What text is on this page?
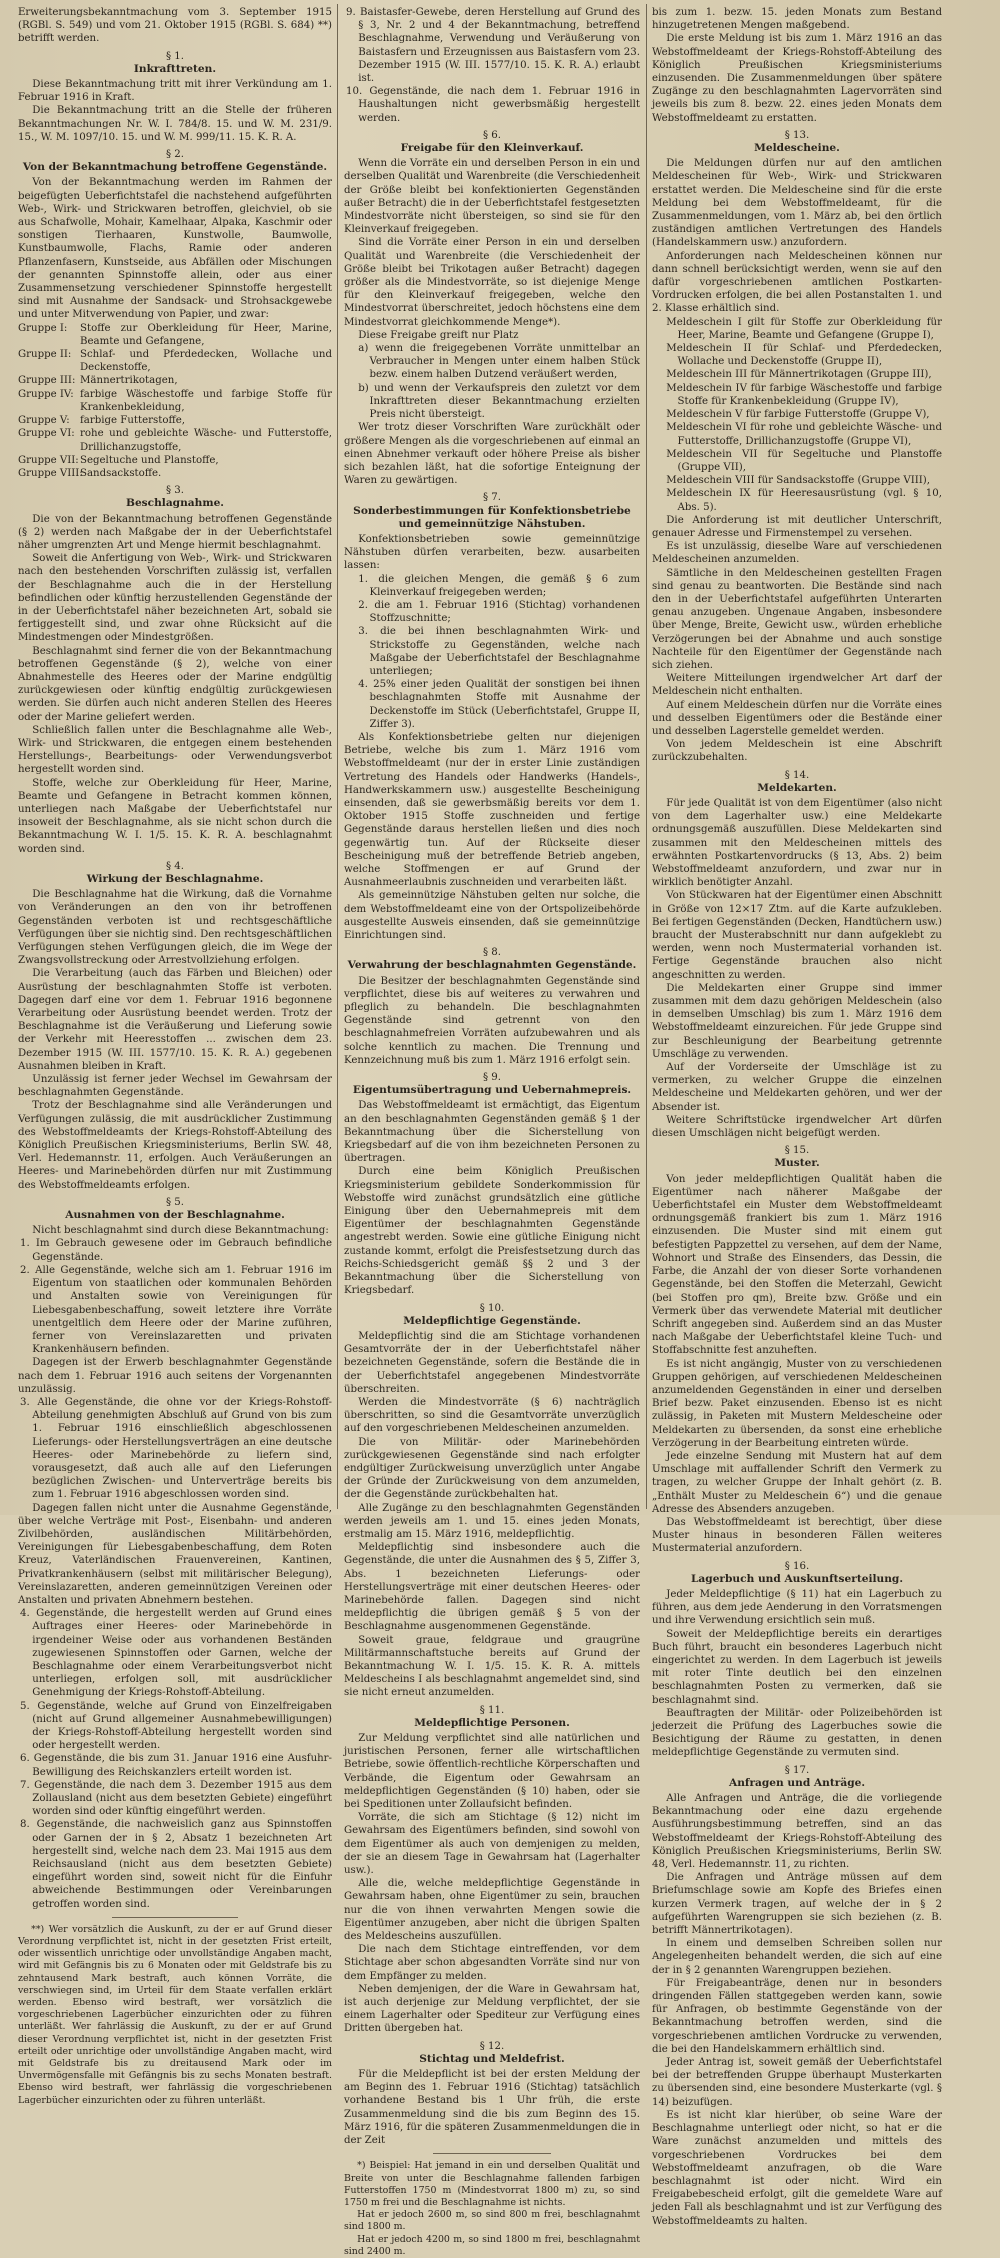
Erweiterungsbekanntmachung vom 3. September 1915 (RGBl. S. 549) und vom 21. Oktober 1915 (RGBl. S. 684) **) betrifft werden.

§ 1.

Inkrafttreten.

Diese Bekanntmachung tritt mit ihrer Verkündung am 1. Februar 1916 in Kraft.

Die Bekanntmachung tritt an die Stelle der früheren Bekanntmachungen Nr. W. I. 784/8. 15. und W. M. 231/9. 15., W. M. 1097/10. 15. und W. M. 999/11. 15. K. R. A.

§ 2.

Von der Bekanntmachung betroffene Gegenstände.

Von der Bekanntmachung werden im Rahmen der beigefügten Ueberfichtstafel die nachstehend aufgeführten Web-, Wirk- und Strickwaren betroffen, gleichviel, ob sie aus Schafwolle, Mohair, Kamelhaar, Alpaka, Kaschmir oder sonstigen Tierhaaren, Kunstwolle, Baumwolle, Kunstbaumwolle, Flachs, Ramie oder anderen Pflanzenfasern, Kunstseide, aus Abfällen oder Mischungen der genannten Spinnstoffe allein, oder aus einer Zusammensetzung verschiedener Spinnstoffe hergestellt sind mit Ausnahme der Sandsack- und Strohsackgewebe und unter Mitverwendung von Papier, und zwar:

Gruppe I:	Stoffe zur Oberkleidung für Heer, Marine, Beamte und Gefangene,
Gruppe II: Schlaf- und Pferdedecken, Wollache und Deckenstoffe,
Gruppe III: Männertrikotagen,
Gruppe IV: farbige Wäschestoffe und farbige Stoffe für Krankenbekleidung,
Gruppe V:	farbige Futterstoffe,
Gruppe VI: rohe und gebleichte Wäsche- und Futterstoffe, Drillichanzugstoffe,
Gruppe VII: Segeltuche und Planstoffe,
Gruppe VIII:
Sandsackstoffe.

§ 3.

Beschlagnahme.

Die von der Bekanntmachung betroffenen Gegenstände (§ 2) werden nach Maßgabe der in der Ueberfichtstafel näher umgrenzten Art und Menge hiermit beschlagnahmt.

Soweit die Anfertigung von Web-, Wirk- und Strickwaren nach den bestehenden Vorschriften zulässig ist, verfallen der Beschlagnahme auch die in der Herstellung befindlichen oder künftig herzustellenden Gegenstände der in der Ueberfichtstafel näher bezeichneten Art, sobald sie fertiggestellt sind, und zwar ohne Rücksicht auf die Mindestmengen oder Mindestgrößen.

Beschlagnahmt sind ferner die von der Bekanntmachung betroffenen Gegenstände (§ 2), welche von einer Abnahmestelle des Heeres oder der Marine endgültig zurückgewiesen oder künftig endgültig zurückgewiesen werden. Sie dürfen auch nicht anderen Stellen des Heeres oder der Marine geliefert werden.

Schließlich fallen unter die Beschlagnahme alle Web-, Wirk- und Strickwaren, die entgegen einem bestehenden Herstellungs-, Bearbeitungs- oder Verwendungsverbot hergestellt worden sind.

Stoffe, welche zur Oberkleidung für Heer, Marine, Beamte und Gefangene in Betracht kommen können, unterliegen nach Maßgabe der Ueberfichtstafel nur insoweit der Beschlagnahme, als sie nicht schon durch die Bekanntmachung W. I. 1/5. 15. K. R. A. beschlagnahmt worden sind.

§ 4.

Wirkung der Beschlagnahme.

Die Beschlagnahme hat die Wirkung, daß die Vornahme von Veränderungen an den von ihr betroffenen Gegenständen verboten ist und rechtsgeschäftliche Verfügungen über sie nichtig sind. Den rechtsgeschäftlichen Verfügungen stehen Verfügungen gleich, die im Wege der Zwangsvollstreckung oder Arrestvollziehung erfolgen.

Die Verarbeitung (auch das Färben und Bleichen) oder Ausrüstung der beschlagnahmten Stoffe ist verboten. Dagegen darf eine vor dem 1. Februar 1916 begonnene Verarbeitung oder Ausrüstung beendet werden. Trotz der Beschlagnahme ist die Veräußerung und Lieferung sowie der Verkehr mit Heeresstoffen ... zwischen dem 23. Dezember 1915 (W. III. 1577/10. 15. K. R. A.) gegebenen Ausnahmen bleiben in Kraft.

Unzulässig ist ferner jeder Wechsel im Gewahrsam der beschlagnahmten Gegenstände.

Trotz der Beschlagnahme sind alle Veränderungen und Verfügungen zulässig, die mit ausdrücklicher Zustimmung des Webstoffmeldeamts der Kriegs-Rohstoff-Abteilung des Königlich Preußischen Kriegsministeriums, Berlin SW. 48, Verl. Hedemannstr. 11, erfolgen. Auch Veräußerungen an Heeres- und Marinebehörden dürfen nur mit Zustimmung des Webstoffmeldeamts erfolgen.

§ 5.

Ausnahmen von der Beschlagnahme.

Nicht beschlagnahmt sind durch diese Bekanntmachung:

1. Im Gebrauch gewesene oder im Gebrauch befindliche Gegenstände.

2. Alle Gegenstände, welche sich am 1. Februar 1916 im Eigentum von staatlichen oder kommunalen Behörden und Anstalten sowie von Vereinigungen für Liebesgabenbeschaffung, soweit letztere ihre Vorräte unentgeltlich dem Heere oder der Marine zuführen, ferner von Vereinslazaretten und privaten Krankenhäusern befinden.

Dagegen ist der Erwerb beschlagnahmter Gegenstände nach dem 1. Februar 1916 auch seitens der Vorgenannten unzulässig.

3. Alle Gegenstände, die ohne vor der Kriegs-Rohstoff-Abteilung genehmigten Abschluß auf Grund von bis zum 1. Februar 1916 einschließlich abgeschlossenen Lieferungs- oder Herstellungsverträgen an eine deutsche Heeres- oder Marinebehörde zu liefern sind, vorausgesetzt, daß auch alle auf den Lieferungen bezüglichen Zwischen- und Unterverträge bereits bis zum 1. Februar 1916 abgeschlossen worden sind.

Dagegen fallen nicht unter die Ausnahme Gegenstände, über welche Verträge mit Post-, Eisenbahn- und anderen Zivilbehörden, ausländischen Militärbehörden, Vereinigungen für Liebesgabenbeschaffung, dem Roten Kreuz, Vaterländischen Frauenvereinen, Kantinen, Privatkrankenhäusern (selbst mit militärischer Belegung), Vereinslazaretten, anderen gemeinnützigen Vereinen oder Anstalten und privaten Abnehmern bestehen.

4. Gegenstände, die hergestellt werden auf Grund eines Auftrages einer Heeres- oder Marinebehörde in irgendeiner Weise oder aus vorhandenen Beständen zugewiesenen Spinnstoffen oder Garnen, welche der Beschlagnahme oder einem Verarbeitungsverbot nicht unterliegen, erfolgen soll, mit ausdrücklicher Genehmigung der Kriegs-Rohstoff-Abteilung.

5. Gegenstände, welche auf Grund von Einzelfreigaben (nicht auf Grund allgemeiner Ausnahmebewilligungen) der Kriegs-Rohstoff-Abteilung hergestellt worden sind oder hergestellt werden.

6. Gegenstände, die bis zum 31. Januar 1916 eine Ausfuhr-Bewilligung des Reichskanzlers erteilt worden ist.

7. Gegenstände, die nach dem 3. Dezember 1915 aus dem Zollausland (nicht aus dem besetzten Gebiete) eingeführt worden sind oder künftig eingeführt werden.

8. Gegenstände, die nachweislich ganz aus Spinnstoffen oder Garnen der in § 2, Absatz 1 bezeichneten Art hergestellt sind, welche nach dem 23. Mai 1915 aus dem Reichsausland (nicht aus dem besetzten Gebiete) eingeführt worden sind, soweit nicht für die Einfuhr abweichende Bestimmungen oder Vereinbarungen getroffen worden sind.

**) Wer vorsätzlich die Auskunft, zu der er auf Grund dieser Verordnung verpflichtet ist, nicht in der gesetzten Frist erteilt, oder wissentlich unrichtige oder unvollständige Angaben macht, wird mit Gefängnis bis zu 6 Monaten oder mit Geldstrafe bis zu zehntausend Mark bestraft, auch können Vorräte, die verschwiegen sind, im Urteil für dem Staate verfallen erklärt werden. Ebenso wird bestraft, wer vorsätzlich die vorgeschriebenen Lagerbücher einzurichten oder zu führen unterläßt. Wer fahrlässig die Auskunft, zu der er auf Grund dieser Verordnung verpflichtet ist, nicht in der gesetzten Frist erteilt oder unrichtige oder unvollständige Angaben macht, wird mit Geldstrafe bis zu dreitausend Mark oder im Unvermögensfalle mit Gefängnis bis zu sechs Monaten bestraft. Ebenso wird bestraft, wer fahrlässig die vorgeschriebenen Lagerbücher einzurichten oder zu führen unterläßt.

9. Baistasfer-Gewebe, deren Herstellung auf Grund des § 3, Nr. 2 und 4 der Bekanntmachung, betreffend Beschlagnahme, Verwendung und Veräußerung von Baistasfern und Erzeugnissen aus Baistasfern vom 23. Dezember 1915 (W. III. 1577/10. 15. K. R. A.) erlaubt ist.

10. Gegenstände, die nach dem 1. Februar 1916 in Haushaltungen nicht gewerbsmäßig hergestellt werden.

§ 6.

Freigabe für den Kleinverkauf.

Wenn die Vorräte ein und derselben Person in ein und derselben Qualität und Warenbreite (die Verschiedenheit der Größe bleibt bei konfektionierten Gegenständen außer Betracht) die in der Ueberfichtstafel festgesetzten Mindestvorräte nicht übersteigen, so sind sie für den Kleinverkauf freigegeben.

Sind die Vorräte einer Person in ein und derselben Qualität und Warenbreite (die Verschiedenheit der Größe bleibt bei Trikotagen außer Betracht) dagegen größer als die Mindestvorräte, so ist diejenige Menge für den Kleinverkauf freigegeben, welche den Mindestvorrat überschreitet, jedoch höchstens eine dem Mindestvorrat gleichkommende Menge*).

Diese Freigabe greift nur Platz

a) wenn die freigegebenen Vorräte unmittelbar an Verbraucher in Mengen unter einem halben Stück bezw. einem halben Dutzend veräußert werden,

b) und wenn der Verkaufspreis den zuletzt vor dem Inkrafttreten dieser Bekanntmachung erzielten Preis nicht übersteigt.

Wer trotz dieser Vorschriften Ware zurückhält oder größere Mengen als die vorgeschriebenen auf einmal an einen Abnehmer verkauft oder höhere Preise als bisher sich bezahlen läßt, hat die sofortige Enteignung der Waren zu gewärtigen.

§ 7.

Sonderbestimmungen für Konfektionsbetriebe und gemeinnützige Nähstuben.

Konfektionsbetrieben sowie gemeinnützige Nähstuben dürfen verarbeiten, bezw. ausarbeiten lassen:

1. die gleichen Mengen, die gemäß § 6 zum Kleinverkauf freigegeben werden;

2. die am 1. Februar 1916 (Stichtag) vorhandenen Stoffzuschnitte;

3. die bei ihnen beschlagnahmten Wirk- und Strickstoffe zu Gegenständen, welche nach Maßgabe der Ueberfichtstafel der Beschlagnahme unterliegen;

4. 25% einer jeden Qualität der sonstigen bei ihnen beschlagnahmten Stoffe mit Ausnahme der Deckenstoffe im Stück (Ueberfichtstafel, Gruppe II, Ziffer 3).

Als Konfektionsbetriebe gelten nur diejenigen Betriebe, welche bis zum 1. März 1916 vom Webstoffmeldeamt (nur der in erster Linie zuständigen Vertretung des Handels oder Handwerks (Handels-, Handwerkskammern usw.) ausgestellte Bescheinigung einsenden, daß sie gewerbsmäßig bereits vor dem 1. Oktober 1915 Stoffe zuschneiden und fertige Gegenstände daraus herstellen ließen und dies noch gegenwärtig tun. Auf der Rückseite dieser Bescheinigung muß der betreffende Betrieb angeben, welche Stoffmengen er auf Grund der Ausnahmeerlaubnis zuschneiden und verarbeiten läßt.

Als gemeinnützige Nähstuben gelten nur solche, die dem Webstoffmeldeamt eine von der Ortspolizeibehörde ausgestellte Ausweis einsenden, daß sie gemeinnützige Einrichtungen sind.

§ 8.

Verwahrung der beschlagnahmten Gegenstände.

Die Besitzer der beschlagnahmten Gegenstände sind verpflichtet, diese bis auf weiteres zu verwahren und pfleglich zu behandeln. Die beschlagnahmten Gegenstände sind getrennt von den beschlagnahmefreien Vorräten aufzubewahren und als solche kenntlich zu machen. Die Trennung und Kennzeichnung muß bis zum 1. März 1916 erfolgt sein.

§ 9.

Eigentumsübertragung und Uebernahmepreis.

Das Webstoffmeldeamt ist ermächtigt, das Eigentum an den beschlagnahmten Gegenständen gemäß § 1 der Bekanntmachung über die Sicherstellung von Kriegsbedarf auf die von ihm bezeichneten Personen zu übertragen.

Durch eine beim Königlich Preußischen Kriegsministerium gebildete Sonderkommission für Webstoffe wird zunächst grundsätzlich eine gütliche Einigung über den Uebernahmepreis mit dem Eigentümer der beschlagnahmten Gegenstände angestrebt werden. Sowie eine gütliche Einigung nicht zustande kommt, erfolgt die Preisfestsetzung durch das Reichs-Schiedsgericht gemäß §§ 2 und 3 der Bekanntmachung über die Sicherstellung von Kriegsbedarf.

§ 10.

Meldepflichtige Gegenstände.

Meldepflichtig sind die am Stichtage vorhandenen Gesamtvorräte der in der Ueberfichtstafel näher bezeichneten Gegenstände, sofern die Bestände die in der Ueberfichtstafel angegebenen Mindestvorräte überschreiten.

Werden die Mindestvorräte (§ 6) nachträglich überschritten, so sind die Gesamtvorräte unverzüglich auf den vorgeschriebenen Meldescheinen anzumelden.

Die von Militär- oder Marinebehörden zurückgewiesenen Gegenstände sind nach erfolgter endgültiger Zurückweisung unverzüglich unter Angabe der Gründe der Zurückweisung von dem anzumelden, der die Gegenstände zurückbehalten hat.

Alle Zugänge zu den beschlagnahmten Gegenständen werden jeweils am 1. und 15. eines jeden Monats, erstmalig am 15. März 1916, meldepflichtig.

Meldepflichtig sind insbesondere auch die Gegenstände, die unter die Ausnahmen des § 5, Ziffer 3, Abs. 1 bezeichneten Lieferungs- oder Herstellungsverträge mit einer deutschen Heeres- oder Marinebehörde fallen. Dagegen sind nicht meldepflichtig die übrigen gemäß § 5 von der Beschlagnahme ausgenommenen Gegenstände.

Soweit graue, feldgraue und graugrüne Militärmannschaftstuche bereits auf Grund der Bekanntmachung W. I. 1/5. 15. K. R. A. mittels Meldescheins I als beschlagnahmt angemeldet sind, sind sie nicht erneut anzumelden.

§ 11.

Meldepflichtige Personen.

Zur Meldung verpflichtet sind alle natürlichen und juristischen Personen, ferner alle wirtschaftlichen Betriebe, sowie öffentlich-rechtliche Körperschaften und Verbände, die Eigentum oder Gewahrsam an meldepflichtigen Gegenständen (§ 10) haben, oder sie bei Speditionen unter Zollaufsicht befinden.

Vorräte, die sich am Stichtage (§ 12) nicht im Gewahrsam des Eigentümers befinden, sind sowohl von dem Eigentümer als auch von demjenigen zu melden, der sie an diesem Tage in Gewahrsam hat (Lagerhalter usw.).

Alle die, welche meldepflichtige Gegenstände in Gewahrsam haben, ohne Eigentümer zu sein, brauchen nur die von ihnen verwahrten Mengen sowie die Eigentümer anzugeben, aber nicht die übrigen Spalten des Meldescheins auszufüllen.

Die nach dem Stichtage eintreffenden, vor dem Stichtage aber schon abgesandten Vorräte sind nur von dem Empfänger zu melden.

Neben demjenigen, der die Ware in Gewahrsam hat, ist auch derjenige zur Meldung verpflichtet, der sie einem Lagerhalter oder Spediteur zur Verfügung eines Dritten übergeben hat.

§ 12.

Stichtag und Meldefrist.

Für die Meldepflicht ist bei der ersten Meldung der am Beginn des 1. Februar 1916 (Stichtag) tatsächlich vorhandene Bestand bis 1 Uhr früh, die erste Zusammenmeldung sind die bis zum Beginn des 15. März 1916, für die späteren Zusammenmeldungen die in der Zeit

*) Beispiel: Hat jemand in ein und derselben Qualität und Breite von unter die Beschlagnahme fallenden farbigen Futterstoffen 1750 m (Mindestvorrat 1800 m) zu, so sind 1750 m frei und die Beschlagnahme ist nichts.

Hat er jedoch 2600 m, so sind 800 m frei, beschlagnahmt sind 1800 m.

Hat er jedoch 4200 m, so sind 1800 m frei, beschlagnahmt sind 2400 m.

bis zum 1. bezw. 15. jeden Monats zum Bestand hinzugetretenen Mengen maßgebend.

Die erste Meldung ist bis zum 1. März 1916 an das Webstoffmeldeamt der Kriegs-Rohstoff-Abteilung des Königlich Preußischen Kriegsministeriums einzusenden. Die Zusammenmeldungen über spätere Zugänge zu den beschlagnahmten Lagervorräten sind jeweils bis zum 8. bezw. 22. eines jeden Monats dem Webstoffmeldeamt zu erstatten.

§ 13.

Meldescheine.

Die Meldungen dürfen nur auf den amtlichen Meldescheinen für Web-, Wirk- und Strickwaren erstattet werden. Die Meldescheine sind für die erste Meldung bei dem Webstoffmeldeamt, für die Zusammenmeldungen, vom 1. März ab, bei den örtlich zuständigen amtlichen Vertretungen des Handels (Handelskammern usw.) anzufordern.

Anforderungen nach Meldescheinen können nur dann schnell berücksichtigt werden, wenn sie auf den dafür vorgeschriebenen amtlichen Postkarten-Vordrucken erfolgen, die bei allen Postanstalten 1. und 2. Klasse erhältlich sind.

Meldeschein I gilt für Stoffe zur Oberkleidung für Heer, Marine, Beamte und Gefangene (Gruppe I),

Meldeschein II für Schlaf- und Pferdedecken, Wollache und Deckenstoffe (Gruppe II),

Meldeschein III für Männertrikotagen (Gruppe III),

Meldeschein IV für farbige Wäschestoffe und farbige Stoffe für Krankenbekleidung (Gruppe IV),

Meldeschein V für farbige Futterstoffe (Gruppe V),

Meldeschein VI für rohe und gebleichte Wäsche- und Futterstoffe, Drillichanzugstoffe (Gruppe VI),

Meldeschein VII für Segeltuche und Planstoffe (Gruppe VII),

Meldeschein VIII für Sandsackstoffe (Gruppe VIII),

Meldeschein IX für Heeresausrüstung (vgl. § 10, Abs. 5).

Die Anforderung ist mit deutlicher Unterschrift, genauer Adresse und Firmenstempel zu versehen.

Es ist unzulässig, dieselbe Ware auf verschiedenen Meldescheinen anzumelden.

Sämtliche in den Meldescheinen gestellten Fragen sind genau zu beantworten. Die Bestände sind nach den in der Ueberfichtstafel aufgeführten Unterarten genau anzugeben. Ungenaue Angaben, insbesondere über Menge, Breite, Gewicht usw., würden erhebliche Verzögerungen bei der Abnahme und auch sonstige Nachteile für den Eigentümer der Gegenstände nach sich ziehen.

Weitere Mitteilungen irgendwelcher Art darf der Meldeschein nicht enthalten.

Auf einem Meldeschein dürfen nur die Vorräte eines und desselben Eigentümers oder die Bestände einer und desselben Lagerstelle gemeldet werden.

Von jedem Meldeschein ist eine Abschrift zurückzubehalten.

§ 14.

Meldekarten.

Für jede Qualität ist von dem Eigentümer (also nicht von dem Lagerhalter usw.) eine Meldekarte ordnungsgemäß auszufüllen. Diese Meldekarten sind zusammen mit den Meldescheinen mittels des erwähnten Postkartenvordrucks (§ 13, Abs. 2) beim Webstoffmeldeamt anzufordern, und zwar nur in wirklich benötigter Anzahl.

Von Stückwaren hat der Eigentümer einen Abschnitt in Größe von 12×17 Ztm. auf die Karte aufzukleben. Bei fertigen Gegenständen (Decken, Handtüchern usw.) braucht der Musterabschnitt nur dann aufgeklebt zu werden, wenn noch Mustermaterial vorhanden ist. Fertige Gegenstände brauchen also nicht angeschnitten zu werden.

Die Meldekarten einer Gruppe sind immer zusammen mit dem dazu gehörigen Meldeschein (also in demselben Umschlag) bis zum 1. März 1916 dem Webstoffmeldeamt einzureichen. Für jede Gruppe sind zur Beschleunigung der Bearbeitung getrennte Umschläge zu verwenden.

Auf der Vorderseite der Umschläge ist zu vermerken, zu welcher Gruppe die einzelnen Meldescheine und Meldekarten gehören, und wer der Absender ist.

Weitere Schriftstücke irgendwelcher Art dürfen diesen Umschlägen nicht beigefügt werden.

§ 15.

Muster.

Von jeder meldepflichtigen Qualität haben die Eigentümer nach näherer Maßgabe der Ueberfichtstafel ein Muster dem Webstoffmeldeamt ordnungsgemäß frankiert bis zum 1. März 1916 einzusenden. Die Muster sind mit einem gut befestigten Pappzettel zu versehen, auf dem der Name, Wohnort und Straße des Einsenders, das Dessin, die Farbe, die Anzahl der von dieser Sorte vorhandenen Gegenstände, bei den Stoffen die Meterzahl, Gewicht (bei Stoffen pro qm), Breite bzw. Größe und ein Vermerk über das verwendete Material mit deutlicher Schrift angegeben sind. Außerdem sind an das Muster nach Maßgabe der Ueberfichtstafel kleine Tuch- und Stoffabschnitte fest anzuheften.

Es ist nicht angängig, Muster von zu verschiedenen Gruppen gehörigen, auf verschiedenen Meldescheinen anzumeldenden Gegenständen in einer und derselben Brief bezw. Paket einzusenden. Ebenso ist es nicht zulässig, in Paketen mit Mustern Meldescheine oder Meldekarten zu übersenden, da sonst eine erhebliche Verzögerung in der Bearbeitung eintreten würde.

Jede einzelne Sendung mit Mustern hat auf dem Umschlage mit auffallender Schrift den Vermerk zu tragen, zu welcher Gruppe der Inhalt gehört (z. B. „Enthält Muster zu Meldeschein 6“) und die genaue Adresse des Absenders anzugeben.

Das Webstoffmeldeamt ist berechtigt, über diese Muster hinaus in besonderen Fällen weiteres Mustermaterial anzufordern.

§ 16.

Lagerbuch und Auskunftserteilung.

Jeder Meldepflichtige (§ 11) hat ein Lagerbuch zu führen, aus dem jede Aenderung in den Vorratsmengen und ihre Verwendung ersichtlich sein muß.

Soweit der Meldepflichtige bereits ein derartiges Buch führt, braucht ein besonderes Lagerbuch nicht eingerichtet zu werden. In dem Lagerbuch ist jeweils mit roter Tinte deutlich bei den einzelnen beschlagnahmten Posten zu vermerken, daß sie beschlagnahmt sind.

Beauftragten der Militär- oder Polizeibehörden ist jederzeit die Prüfung des Lagerbuches sowie die Besichtigung der Räume zu gestatten, in denen meldepflichtige Gegenstände zu vermuten sind.

§ 17.

Anfragen und Anträge.

Alle Anfragen und Anträge, die die vorliegende Bekanntmachung oder eine dazu ergehende Ausführungsbestimmung betreffen, sind an das Webstoffmeldeamt der Kriegs-Rohstoff-Abteilung des Königlich Preußischen Kriegsministeriums, Berlin SW. 48, Verl. Hedemannstr. 11, zu richten.

Die Anfragen und Anträge müssen auf dem Briefumschlage sowie am Kopfe des Briefes einen kurzen Vermerk tragen, auf welche der in § 2 aufgeführten Warengruppen sie sich beziehen (z. B. betrifft Männertrikotagen).

In einem und demselben Schreiben sollen nur Angelegenheiten behandelt werden, die sich auf eine der in § 2 genannten Warengruppen beziehen.

Für Freigabeanträge, denen nur in besonders dringenden Fällen stattgegeben werden kann, sowie für Anfragen, ob bestimmte Gegenstände von der Bekanntmachung betroffen werden, sind die vorgeschriebenen amtlichen Vordrucke zu verwenden, die bei den Handelskammern erhältlich sind.

Jeder Antrag ist, soweit gemäß der Ueberfichtstafel bei der betreffenden Gruppe überhaupt Musterkarten zu übersenden sind, eine besondere Musterkarte (vgl. § 14) beizufügen.

Es ist nicht klar hierüber, ob seine Ware der Beschlagnahme unterliegt oder nicht, so hat er die Ware zunächst anzumelden und mittels des vorgeschriebenen Vordruckes bei dem Webstoffmeldeamt anzufragen, ob die Ware beschlagnahmt ist oder nicht. Wird ein Freigabebescheid erfolgt, gilt die gemeldete Ware auf jeden Fall als beschlagnahmt und ist zur Verfügung des Webstoffmeldeamts zu halten.
